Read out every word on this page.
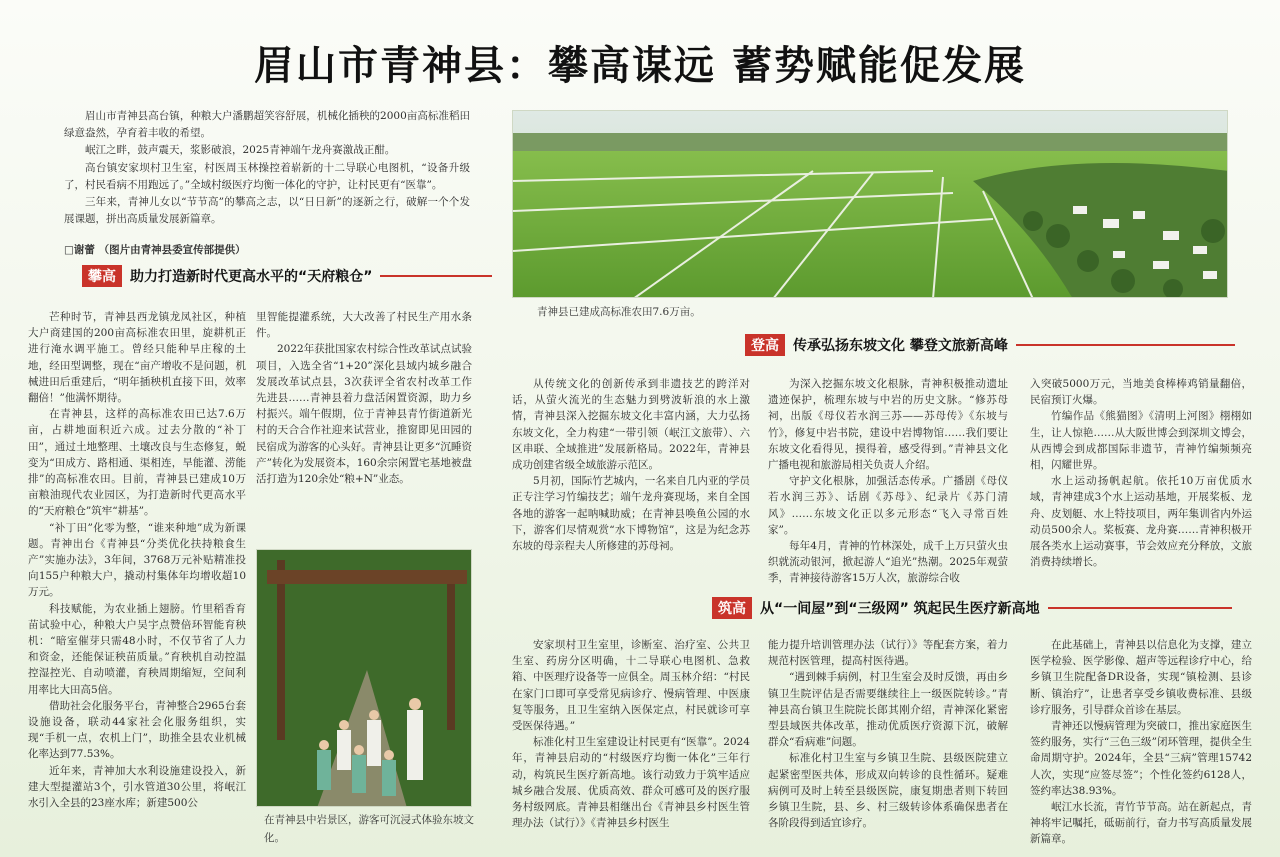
眉山市青神县：攀高谋远 蓄势赋能促发展

眉山市青神县高台镇，种粮大户潘鹏超笑容舒展，机械化插秧的2000亩高标准稻田绿意盎然，孕育着丰收的希望。

岷江之畔，鼓声震天，浆影破浪，2025青神端午龙舟赛激战正酣。

高台镇安家坝村卫生室，村医周玉林操控着崭新的十二导联心电图机，“设备升级了，村民看病不用跑远了。”全域村级医疗均衡一体化的守护，让村民更有“医靠”。

三年来，青神儿女以“节节高”的攀高之志，以“日日新”的逐新之行，破解一个个发展课题，拼出高质量发展新篇章。

□谢蕾 （图片由青神县委宣传部提供）
青神县已建成高标准农田7.6万亩。
攀高	助力打造新时代更高水平的“天府粮仓”

芒种时节，青神县西龙镇龙凤社区，种植大户商建国的200亩高标准农田里，旋耕机正进行淹水调平施工。曾经只能种旱庄稼的土地，经田型调整，现在“亩产增收不是问题，机械进田后重建后，“明年插秧机直接下田，效率翻倍！”他满怀期待。

在青神县，这样的高标准农田已达7.6万亩，占耕地面积近六成。过去分散的“补丁田”，通过土地整理、土壤改良与生态修复，蜕变为“田成方、路相通、渠相连，旱能灌、涝能排”的高标准农田。目前，青神县已建成10万亩粮油现代农业园区，为打造新时代更高水平的“天府粮仓”筑牢“耕基”。

“补丁田”化零为整，“谁来种地”成为新课题。青神出台《青神县“分类优化扶持粮食生产”实施办法》，3年间，3768万元补贴精准投向155户种粮大户，撬动村集体年均增收超10万元。

科技赋能，为农业插上翅膀。竹里稻香育苗试验中心，种粮大户吴宇点赞倍环智能育秧机：“暗室催芽只需48小时，不仅节省了人力和资金，还能保证秧苗质量。”育秧机自动控温控湿控光、自动喷灌，育秧周期缩短，空间利用率比大田高5倍。

借助社会化服务平台，青神整合2965台套设施设备，联动44家社会化服务组织，实现“手机一点，农机上门”，助推全县农业机械化率达到77.53%。

近年来，青神加大水利设施建设投入，新建大型提灌站3个，引水管道30公里，将岷江水引入全县的23座水库；新建500公

里智能提灌系统，大大改善了村民生产用水条件。

2022年获批国家农村综合性改革试点试验项目，入选全省“1+20”深化县域内城乡融合发展改革试点县，3次获评全省农村改革工作先进县……青神县着力盘活闲置资源，助力乡村振兴。端午假期，位于青神县青竹街道新光村的天合合作社迎来试营业，推窗即见田园的民宿成为游客的心头好。青神县让更多“沉睡资产”转化为发展资本，160余宗闲置宅基地被盘活打造为120余处“粮+N”业态。

在青神县中岩景区，游客可沉浸式体验东坡文化。
登高	传承弘扬东坡文化 攀登文旅新高峰

从传统文化的创新传承到非遗技艺的跨洋对话，从萤火流光的生态魅力到劈波斩浪的水上激情，青神县深入挖掘东坡文化丰富内涵，大力弘扬东坡文化，全力构建“一带引领（岷江文旅带）、六区串联、全域推进”发展新格局。2022年，青神县成功创建省级全域旅游示范区。

5月初，国际竹艺城内，一名来自几内亚的学员正专注学习竹编技艺；端午龙舟赛现场，来自全国各地的游客一起呐喊助威；在青神县唤鱼公园的水下，游客们尽情观赏“水下博物馆”，这是为纪念苏东坡的母亲程夫人所修建的苏母祠。

为深入挖掘东坡文化根脉，青神积极推动遗址遗迹保护，梳理东坡与中岩的历史文脉。“修苏母祠，出版《母仪若水润三苏——苏母传》《东坡与竹》，修复中岩书院，建设中岩博物馆……我们要让东坡文化看得见，摸得着，感受得到。”青神县文化广播电视和旅游局相关负责人介绍。

守护文化根脉，加强活态传承。广播剧《母仪若水润三苏》、话剧《苏母》、纪录片《苏门清风》……东坡文化正以多元形态“飞入寻常百姓家”。

每年4月，青神的竹林深处，成千上万只萤火虫织就流动银河，掀起游人“追光”热潮。2025年观萤季，青神接待游客15万人次，旅游综合收

入突破5000万元，当地美食棒棒鸡销量翻倍，民宿预订火爆。

竹编作品《熊猫图》《清明上河图》栩栩如生，让人惊艳……从大阪世博会到深圳文博会，从西博会到成都国际非遗节，青神竹编频频亮相，闪耀世界。

水上运动扬帆起航。依托10万亩优质水域，青神建成3个水上运动基地，开展桨板、龙舟、皮划艇、水上特技项目，两年集训省内外运动员500余人。桨板赛、龙舟赛……青神积极开展各类水上运动赛事，节会效应充分释放，文旅消费持续增长。

筑高	从“一间屋”到“三级网” 筑起民生医疗新高地

安家坝村卫生室里，诊断室、治疗室、公共卫生室、药房分区明确，十二导联心电图机、急救箱、中医理疗设备等一应俱全。周玉林介绍：“村民在家门口即可享受常见病诊疗、慢病管理、中医康复等服务，且卫生室纳入医保定点，村民就诊可享受医保待遇。”

标准化村卫生室建设让村民更有“医靠”。2024年，青神县启动的“村级医疗均衡一体化”三年行动，构筑民生医疗新高地。该行动致力于筑牢适应城乡融合发展、优质高效、群众可感可及的医疗服务村级网底。青神县相继出台《青神县乡村医生管理办法（试行）》《青神县乡村医生

能力提升培训管理办法（试行）》等配套方案，着力规范村医管理，提高村医待遇。

“遇到棘手病例，村卫生室会及时反馈，再由乡镇卫生院评估是否需要继续往上一级医院转诊。”青神县高台镇卫生院院长郎其刚介绍，青神深化紧密型县域医共体改革，推动优质医疗资源下沉，破解群众“看病难”问题。

标准化村卫生室与乡镇卫生院、县级医院建立起紧密型医共体，形成双向转诊的良性循环。疑难病例可及时上转至县级医院，康复期患者则下转回乡镇卫生院，县、乡、村三级转诊体系确保患者在各阶段得到适宜诊疗。

在此基础上，青神县以信息化为支撑，建立医学检验、医学影像、超声等远程诊疗中心，给乡镇卫生院配备DR设备，实现“镇检测、县诊断、镇治疗”，让患者享受乡镇收费标准、县级诊疗服务，引导群众首诊在基层。

青神还以慢病管理为突破口，推出家庭医生签约服务，实行“三色三级”闭环管理，提供全生命周期守护。2024年，全县“三病”管理15742人次，实现“应签尽签”；个性化签约6128人，签约率达38.93%。

岷江水长流，青竹节节高。站在新起点，青神将牢记嘱托，砥砺前行，奋力书写高质量发展新篇章。
